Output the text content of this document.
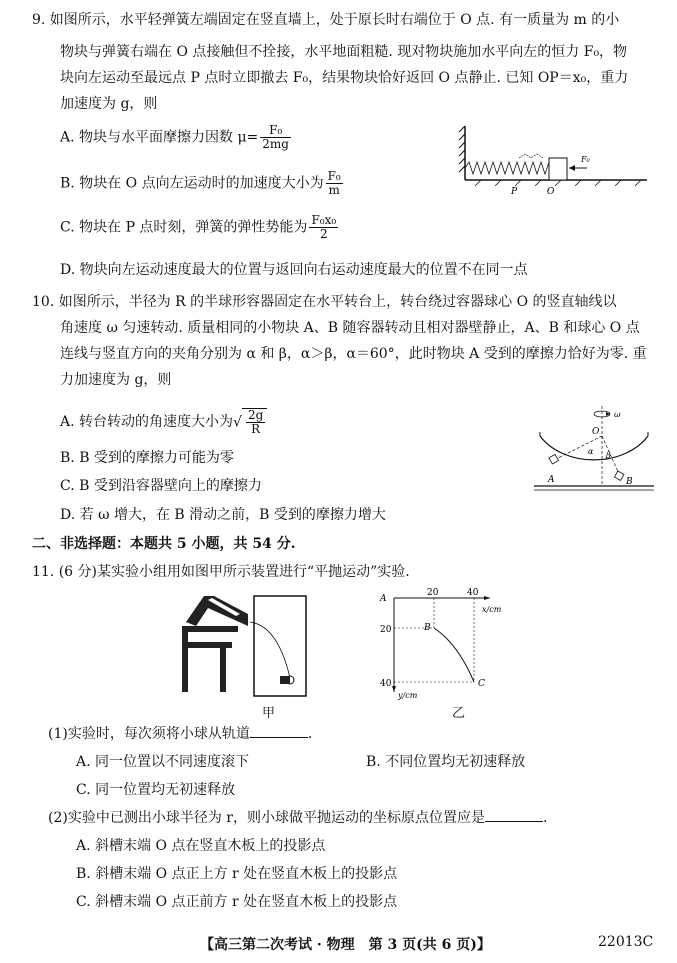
9. 如图所示，水平轻弹簧左端固定在竖直墙上，处于原长时右端位于 O 点. 有一质量为 m 的小
物块与弹簧右端在 O 点接触但不拴接，水平地面粗糙. 现对物块施加水平向左的恒力 F₀，物
块向左运动至最远点 P 点时立即撤去 F₀，结果物块恰好返回 O 点静止. 已知 OP＝x₀，重力
加速度为 g，则
A. 物块与水平面摩擦力因数 $\mu= \frac{\text{F₀}}{2mg}$
B. 物块在 O 点向左运动时的加速度大小为 $\frac{\text{F₀}}{m}$
C. 物块在 P 点时刻，弹簧的弹性势能为 $\frac{\text{F₀x₀}}{2}$
D. 物块向左运动速度最大的位置与返回向右运动速度最大的位置不在同一点
F₀
P	O
10. 如图所示，半径为 R 的半球形容器固定在水平转台上，转台绕过容器球心 O 的竖直轴线以
角速度 ω 匀速转动. 质量相同的小物块 A、B 随容器转动且相对器壁静止，A、B 和球心 O 点
连线与竖直方向的夹角分别为 α 和 β，α＞β，α＝60°，此时物块 A 受到的摩擦力恰好为零. 重
力加速度为 g，则
A. 转台转动的角速度大小为√ $\frac{2g}{R}$
B. B 受到的摩擦力可能为零
C. B 受到沿容器壁向上的摩擦力
D. 若 ω 增大，在 B 滑动之前，B 受到的摩擦力增大
ω
O
α β
A	B
二、非选择题：本题共 5 小题，共 54 分.
11. (6 分)某实验小组用如图甲所示装置进行“平抛运动”实验.
甲
A
B
C
20	40
x/cm
20
40
y/cm
乙
(1)实验时，每次须将小球从轨道	.
A. 同一位置以不同速度滚下	B. 不同位置均无初速释放
C. 同一位置均无初速释放
(2)实验中已测出小球半径为 r，则小球做平抛运动的坐标原点位置应是	.
A. 斜槽末端 O 点在竖直木板上的投影点
B. 斜槽末端 O 点正上方 r 处在竖直木板上的投影点
C. 斜槽末端 O 点正前方 r 处在竖直木板上的投影点
【高三第二次考试 · 物理　第 3 页(共 6 页)】	22013C
